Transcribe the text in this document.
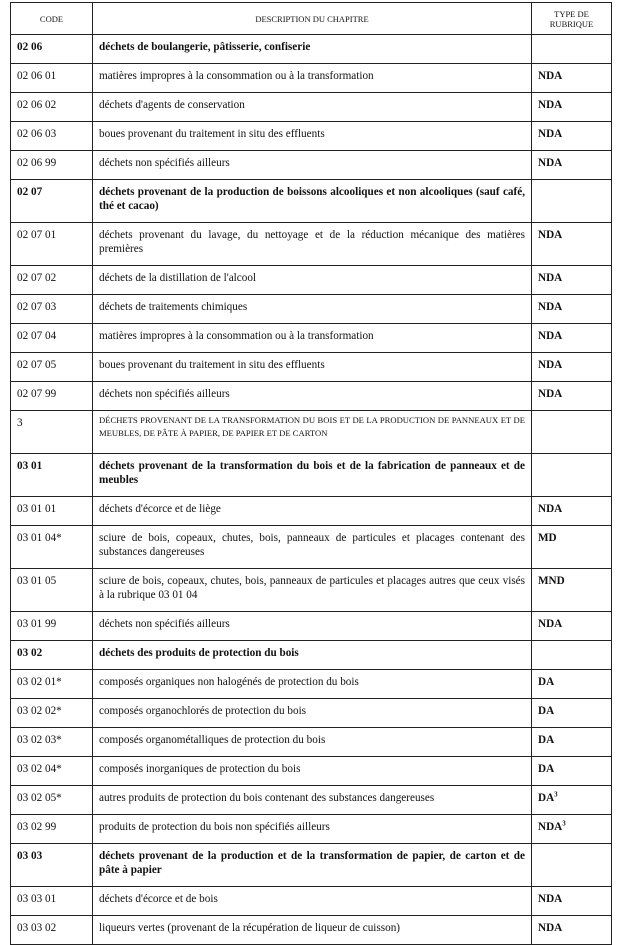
CODE	DESCRIPTION DU CHAPITRE	TYPE DE
RUBRIQUE
02 06	déchets de boulangerie, pâtisserie, confiserie	
02 06 01	matières impropres à la consommation ou à la transformation	NDA
02 06 02	déchets d'agents de conservation	NDA
02 06 03	boues provenant du traitement in situ des effluents	NDA
02 06 99	déchets non spécifiés ailleurs	NDA
02 07	déchets provenant de la production de boissons alcooliques et non alcooliques (sauf café, thé et cacao)	
02 07 01	déchets provenant du lavage, du nettoyage et de la réduction mécanique des matières premières	NDA
02 07 02	déchets de la distillation de l'alcool	NDA
02 07 03	déchets de traitements chimiques	NDA
02 07 04	matières impropres à la consommation ou à la transformation	NDA
02 07 05	boues provenant du traitement in situ des effluents	NDA
02 07 99	déchets non spécifiés ailleurs	NDA
3	DÉCHETS PROVENANT DE LA TRANSFORMATION DU BOIS ET DE LA PRODUCTION DE PANNEAUX ET DE MEUBLES, DE PÂTE À PAPIER, DE PAPIER ET DE CARTON	
03 01	déchets provenant de la transformation du bois et de la fabrication de panneaux et de meubles	
03 01 01	déchets d'écorce et de liège	NDA
03 01 04*	sciure de bois, copeaux, chutes, bois, panneaux de particules et placages contenant des substances dangereuses	MD
03 01 05	sciure de bois, copeaux, chutes, bois, panneaux de particules et placages autres que ceux visés à la rubrique 03 01 04	MND
03 01 99	déchets non spécifiés ailleurs	NDA
03 02	déchets des produits de protection du bois	
03 02 01*	composés organiques non halogénés de protection du bois	DA
03 02 02*	composés organochlorés de protection du bois	DA
03 02 03*	composés organométalliques de protection du bois	DA
03 02 04*	composés inorganiques de protection du bois	DA
03 02 05*	autres produits de protection du bois contenant des substances dangereuses	$DA^3$
03 02 99	produits de protection du bois non spécifiés ailleurs	NDA$^3$
03 03	déchets provenant de la production et de la transformation de papier, de carton et de pâte à papier	
03 03 01	déchets d'écorce et de bois	NDA
03 03 02	liqueurs vertes (provenant de la récupération de liqueur de cuisson)	NDA
